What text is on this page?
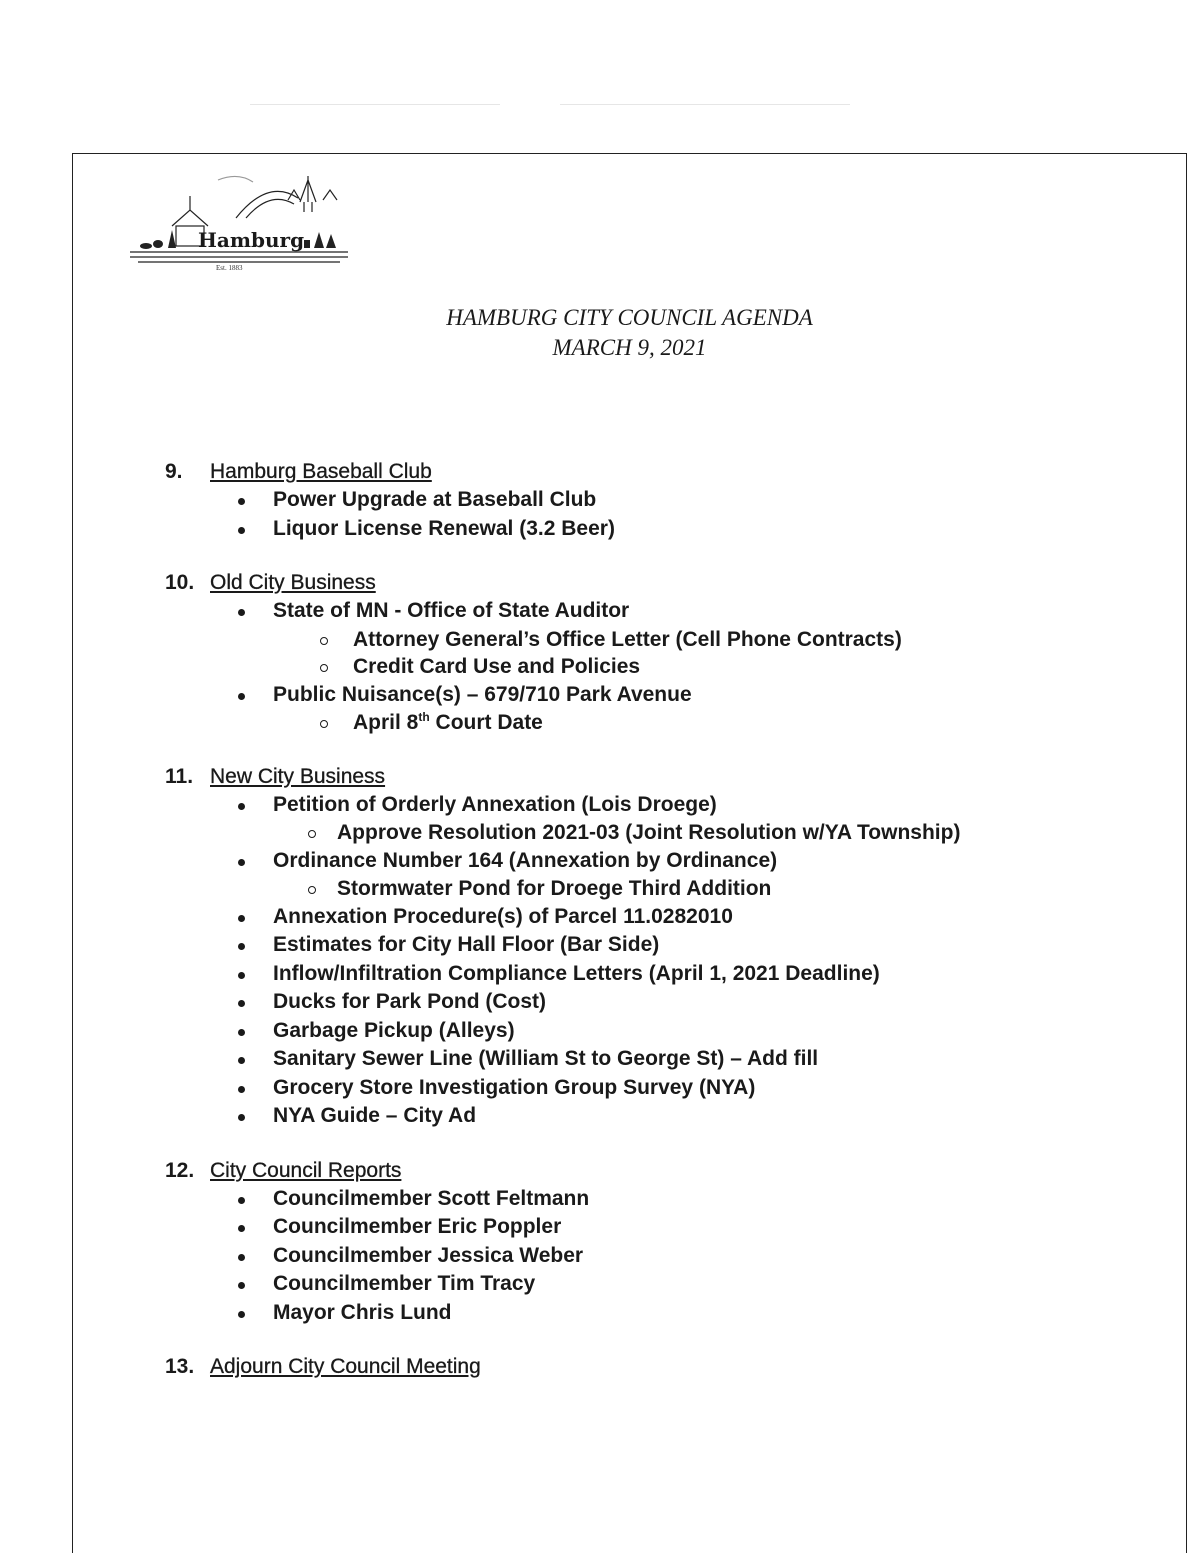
Hamburg
Est. 1883
HAMBURG CITY COUNCIL AGENDA
MARCH 9, 2021
9. Hamburg Baseball Club
Power Upgrade at Baseball Club
Liquor License Renewal (3.2 Beer)
10. Old City Business
State of MN - Office of State Auditor
Attorney General’s Office Letter (Cell Phone Contracts)
Credit Card Use and Policies
Public Nuisance(s) – 679/710 Park Avenue
April 8th Court Date
11. New City Business
Petition of Orderly Annexation (Lois Droege)
Approve Resolution 2021-03 (Joint Resolution w/YA Township)
Ordinance Number 164 (Annexation by Ordinance)
Stormwater Pond for Droege Third Addition
Annexation Procedure(s) of Parcel 11.0282010
Estimates for City Hall Floor (Bar Side)
Inflow/Infiltration Compliance Letters (April 1, 2021 Deadline)
Ducks for Park Pond (Cost)
Garbage Pickup (Alleys)
Sanitary Sewer Line (William St to George St) – Add fill
Grocery Store Investigation Group Survey (NYA)
NYA Guide – City Ad
12. City Council Reports
Councilmember Scott Feltmann
Councilmember Eric Poppler
Councilmember Jessica Weber
Councilmember Tim Tracy
Mayor Chris Lund
13. Adjourn City Council Meeting
